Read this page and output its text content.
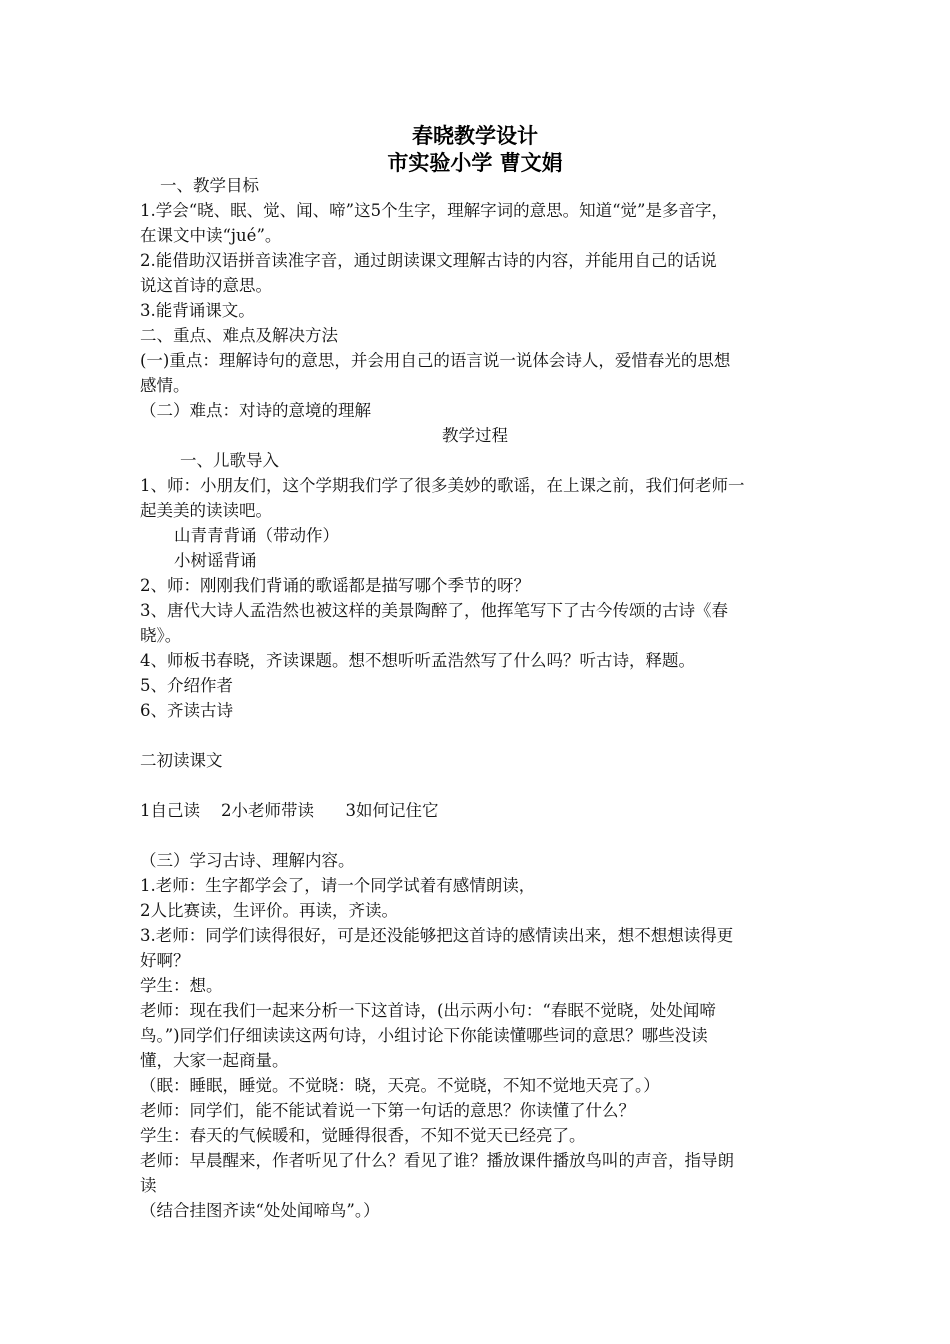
春晓教学设计
市实验小学 曹文娟
一、教学目标
1.学会“晓、眠、觉、闻、啼”这5个生字，理解字词的意思。知道“觉”是多音字，
在课文中读“jué”。
2.能借助汉语拼音读准字音，通过朗读课文理解古诗的内容，并能用自己的话说
说这首诗的意思。
3.能背诵课文。
二、重点、难点及解决方法
(一)重点：理解诗句的意思，并会用自己的语言说一说体会诗人，爱惜春光的思想
感情。
（二）难点：对诗的意境的理解
教学过程
一、儿歌导入
1、师：小朋友们，这个学期我们学了很多美妙的歌谣，在上课之前，我们何老师一
起美美的读读吧。
山青青背诵（带动作）
小树谣背诵
2、师：刚刚我们背诵的歌谣都是描写哪个季节的呀？
3、唐代大诗人孟浩然也被这样的美景陶醉了，他挥笔写下了古今传颂的古诗《春
晓》。
4、师板书春晓，齐读课题。想不想听听孟浩然写了什么吗？听古诗，释题。
5、介绍作者
6、齐读古诗
二初读课文
1自己读    2小老师带读      3如何记住它
（三）学习古诗、理解内容。
1.老师：生字都学会了，请一个同学试着有感情朗读，
2人比赛读，生评价。再读，齐读。
3.老师：同学们读得很好，可是还没能够把这首诗的感情读出来，想不想想读得更
好啊？
学生：想。
老师：现在我们一起来分析一下这首诗，(出示两小句：“春眠不觉晓，处处闻啼
鸟。”)同学们仔细读读这两句诗，小组讨论下你能读懂哪些词的意思？哪些没读
懂，大家一起商量。
（眠：睡眠，睡觉。不觉晓：晓，天亮。不觉晓，不知不觉地天亮了。）
老师：同学们，能不能试着说一下第一句话的意思？你读懂了什么？
学生：春天的气候暖和，觉睡得很香，不知不觉天已经亮了。
老师：早晨醒来，作者听见了什么？看见了谁？播放课件播放鸟叫的声音，指导朗
读
（结合挂图齐读“处处闻啼鸟”。）
